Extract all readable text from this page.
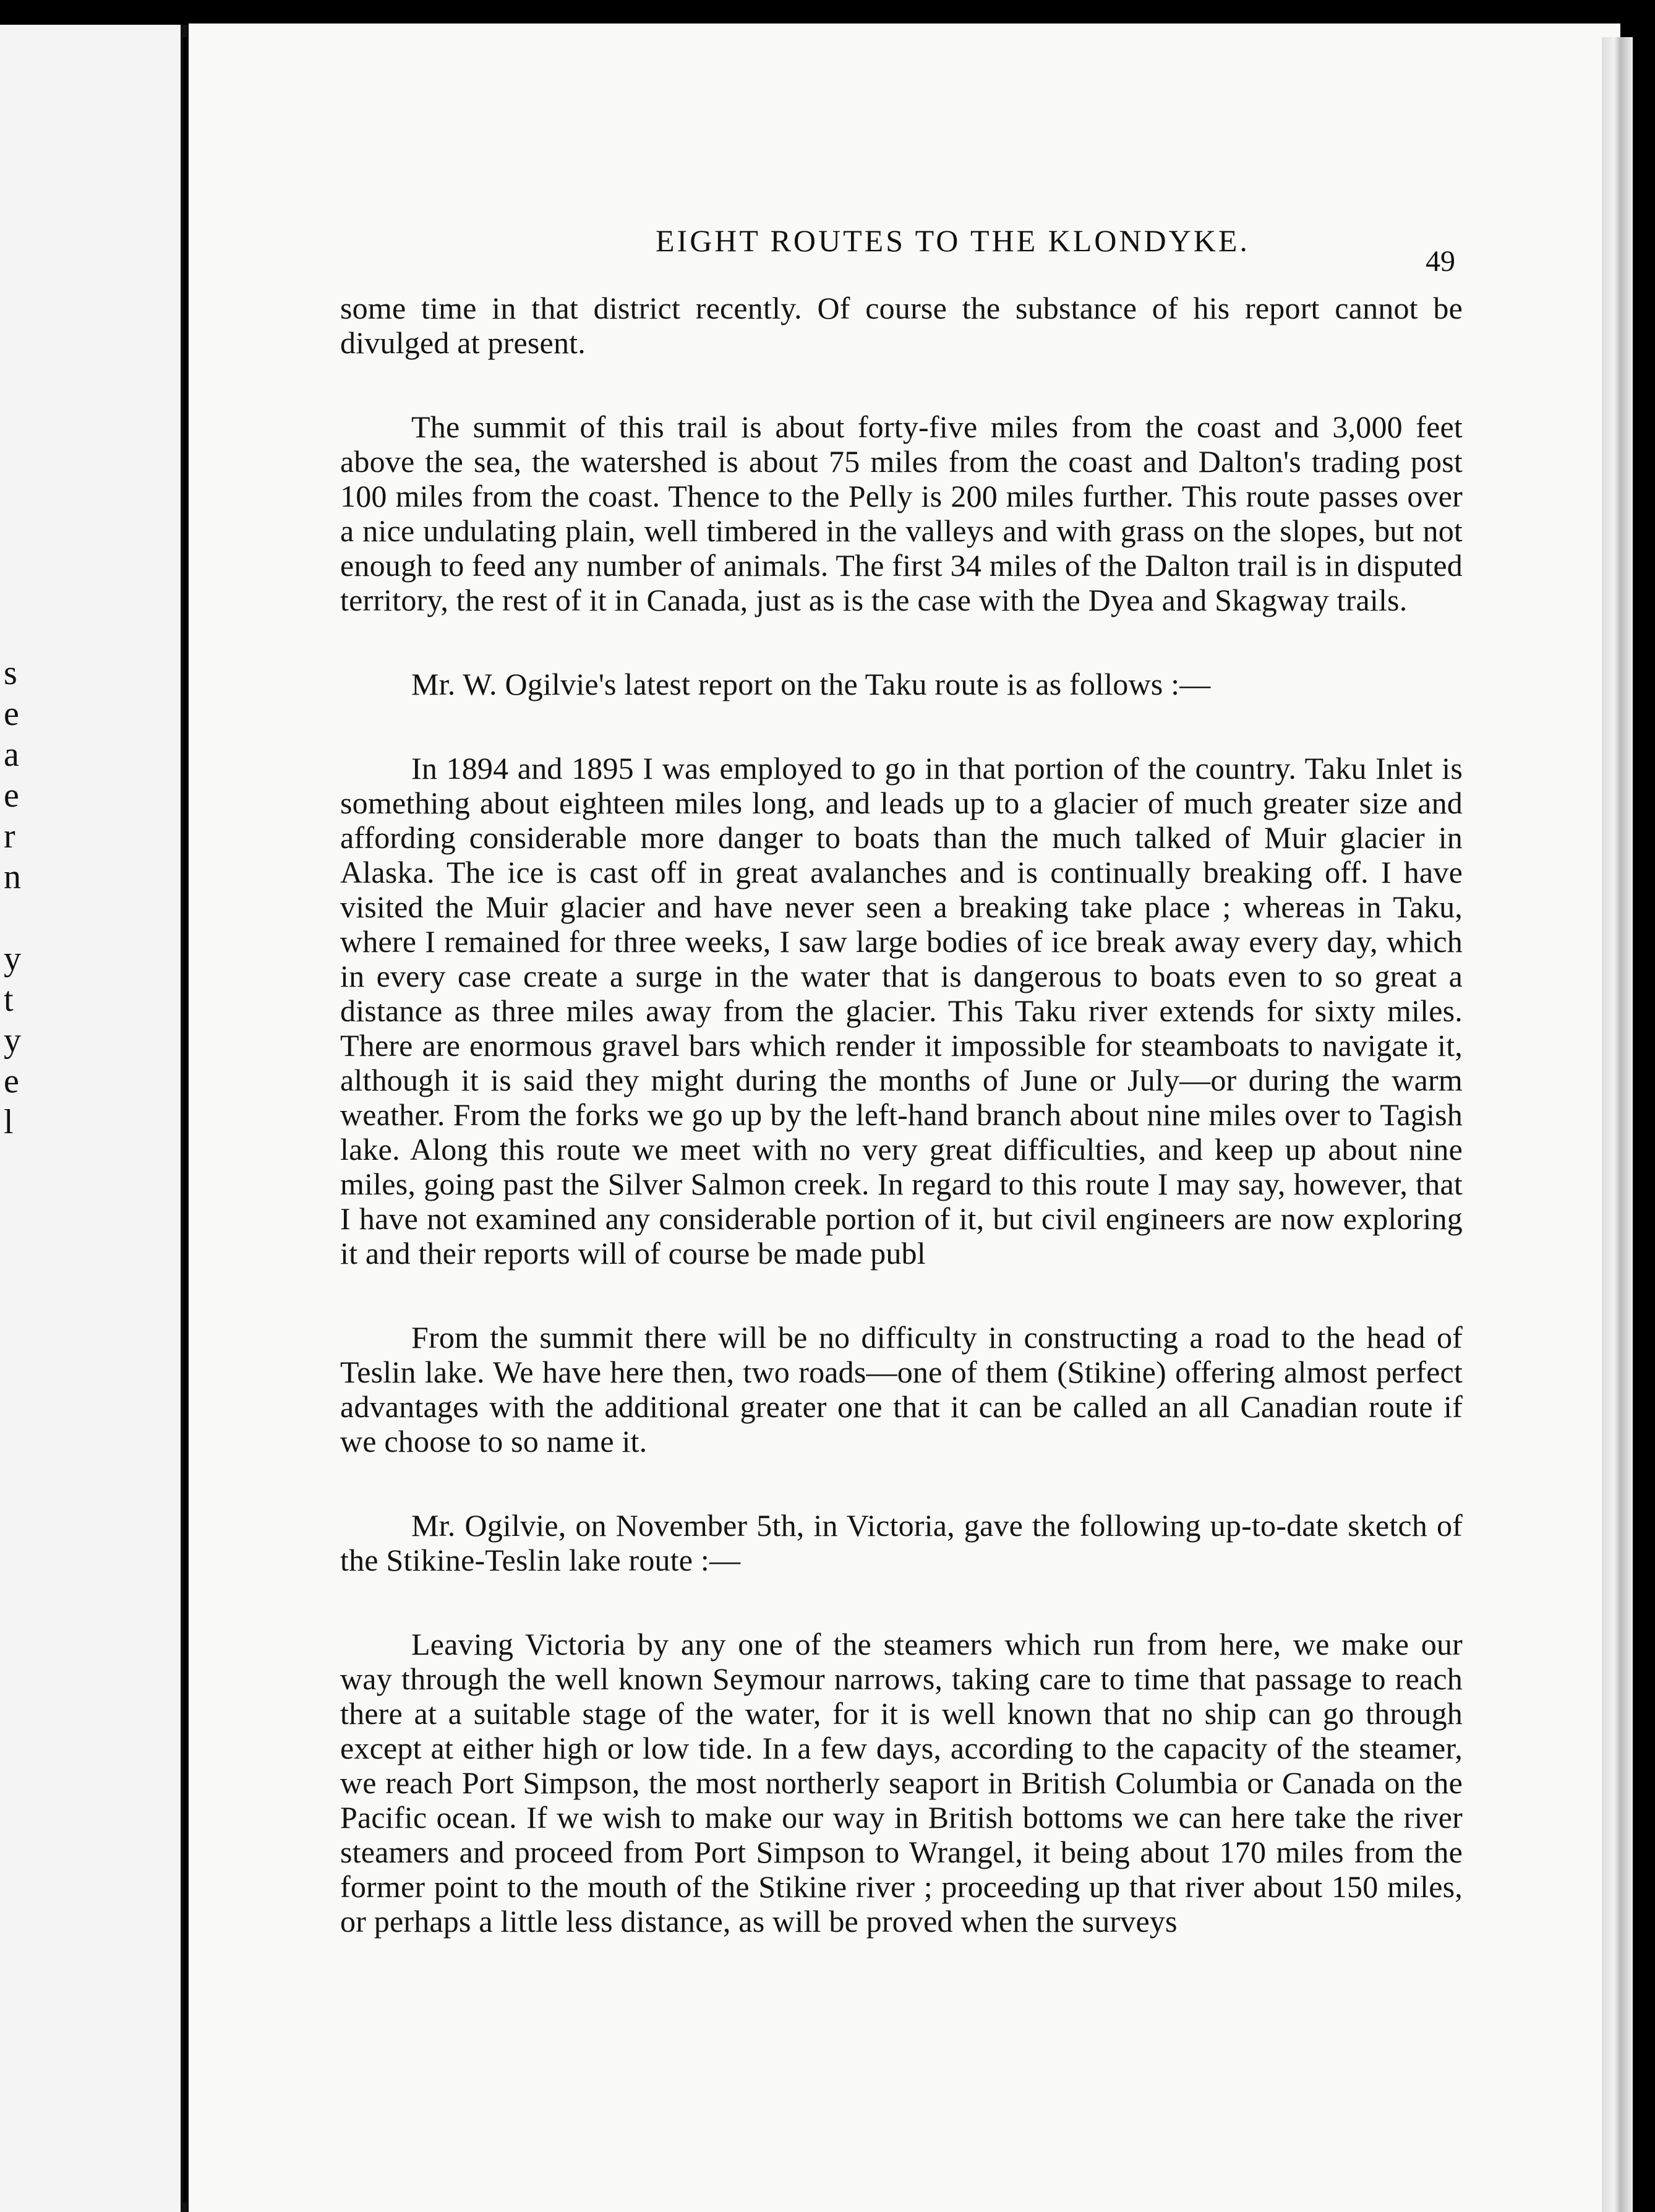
s
e
a
e
r
n
y
t
y
e
l
EIGHT ROUTES TO THE KLONDYKE.
49

some time in that district recently. Of course the substance of his report cannot be divulged at present.

The summit of this trail is about forty-five miles from the coast and 3,000 feet above the sea, the watershed is about 75 miles from the coast and Dalton's trading post 100 miles from the coast. Thence to the Pelly is 200 miles further. This route passes over a nice undulating plain, well timbered in the valleys and with grass on the slopes, but not enough to feed any number of animals. The first 34 miles of the Dalton trail is in disputed territory, the rest of it in Canada, just as is the case with the Dyea and Skagway trails.

Mr. W. Ogilvie's latest report on the Taku route is as follows :—

In 1894 and 1895 I was employed to go in that portion of the country. Taku Inlet is something about eighteen miles long, and leads up to a glacier of much greater size and affording considerable more danger to boats than the much talked of Muir glacier in Alaska. The ice is cast off in great avalanches and is continually breaking off. I have visited the Muir glacier and have never seen a breaking take place ; whereas in Taku, where I remained for three weeks, I saw large bodies of ice break away every day, which in every case create a surge in the water that is dangerous to boats even to so great a distance as three miles away from the glacier. This Taku river extends for sixty miles. There are enormous gravel bars which render it impossible for steamboats to navigate it, although it is said they might during the months of June or July—or during the warm weather. From the forks we go up by the left-hand branch about nine miles over to Tagish lake. Along this route we meet with no very great difficulties, and keep up about nine miles, going past the Silver Salmon creek. In regard to this route I may say, however, that I have not examined any considerable portion of it, but civil engineers are now exploring it and their reports will of course be made publ

From the summit there will be no difficulty in constructing a road to the head of Teslin lake. We have here then, two roads—one of them (Stikine) offering almost perfect advantages with the additional greater one that it can be called an all Canadian route if we choose to so name it.

Mr. Ogilvie, on November 5th, in Victoria, gave the following up-to-date sketch of the Stikine-Teslin lake route :—

Leaving Victoria by any one of the steamers which run from here, we make our way through the well known Seymour narrows, taking care to time that passage to reach there at a suitable stage of the water, for it is well known that no ship can go through except at either high or low tide. In a few days, according to the capacity of the steamer, we reach Port Simpson, the most northerly seaport in British Columbia or Canada on the Pacific ocean. If we wish to make our way in British bottoms we can here take the river steamers and proceed from Port Simpson to Wrangel, it being about 170 miles from the former point to the mouth of the Stikine river ; proceeding up that river about 150 miles, or perhaps a little less distance, as will be proved when the surveys
